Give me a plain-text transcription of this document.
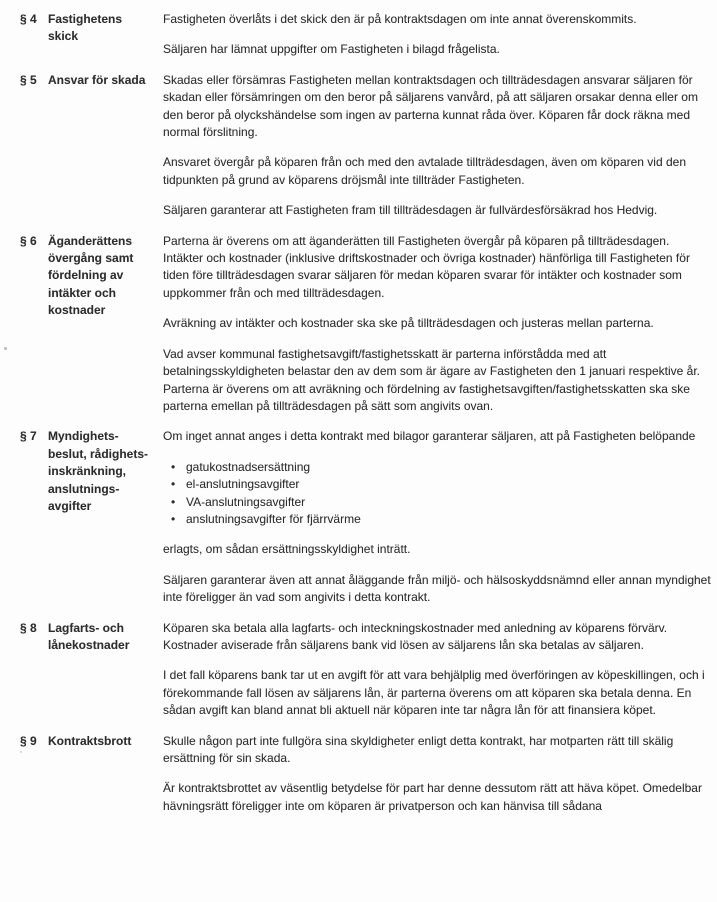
§ 4 Fastighetens skick

Fastigheten överlåts i det skick den är på kontraktsdagen om inte annat överenskommits.

Säljaren har lämnat uppgifter om Fastigheten i bilagd frågelista.

§ 5 Ansvar för skada	Skadas eller försämras Fastigheten mellan kontraktsdagen och tillträdesdagen ansvarar säljaren för skadan eller försämringen om den beror på säljarens vanvård, på att säljaren orsakar denna eller om den beror på olyckshändelse som ingen av parterna kunnat råda över. Köparen får dock räkna med normal förslitning.

Ansvaret övergår på köparen från och med den avtalade tillträdesdagen, även om köparen vid den tidpunkten på grund av köparens dröjsmål inte tillträder Fastigheten.

Säljaren garanterar att Fastigheten fram till tillträdesdagen är fullvärdesförsäkrad hos Hedvig.

§ 6 Äganderättens övergång samt fördelning av intäkter och kostnader

Parterna är överens om att äganderätten till Fastigheten övergår på köparen på tillträdesdagen. Intäkter och kostnader (inklusive driftskostnader och övriga kostnader) hänförliga till Fastigheten för tiden före tillträdesdagen svarar säljaren för medan köparen svarar för intäkter och kostnader som uppkommer från och med tillträdesdagen.

Avräkning av intäkter och kostnader ska ske på tillträdesdagen och justeras mellan parterna.

Vad avser kommunal fastighetsavgift/fastighetsskatt är parterna införstådda med att betalningsskyldigheten belastar den av dem som är ägare av Fastigheten den 1 januari respektive år. Parterna är överens om att avräkning och fördelning av fastighetsavgiften/fastighetsskatten ska ske parterna emellan på tillträdesdagen på sätt som angivits ovan.

§ 7 Myndighets-beslut, rådighets-inskränkning, anslutnings-avgifter

Om inget annat anges i detta kontrakt med bilagor garanterar säljaren, att på Fastigheten belöpande

• gatukostnadsersättning
• el-anslutningsavgifter
• VA-anslutningsavgifter
• anslutningsavgifter för fjärrvärme

erlagts, om sådan ersättningsskyldighet inträtt.

Säljaren garanterar även att annat åläggande från miljö- och hälsoskyddsnämnd eller annan myndighet inte föreligger än vad som angivits i detta kontrakt.

§ 8 Lagfarts- och lånekostnader

Köparen ska betala alla lagfarts- och inteckningskostnader med anledning av köparens förvärv. Kostnader aviserade från säljarens bank vid lösen av säljarens lån ska betalas av säljaren.

I det fall köparens bank tar ut en avgift för att vara behjälplig med överföringen av köpeskillingen, och i förekommande fall lösen av säljarens lån, är parterna överens om att köparen ska betala denna. En sådan avgift kan bland annat bli aktuell när köparen inte tar några lån för att finansiera köpet.

§ 9 Kontraktsbrott	Skulle någon part inte fullgöra sina skyldigheter enligt detta kontrakt, har motparten rätt till skälig ersättning för sin skada.

Är kontraktsbrottet av väsentlig betydelse för part har denne dessutom rätt att häva köpet. Omedelbar hävningsrätt föreligger inte om köparen är privatperson och kan hänvisa till sådana
